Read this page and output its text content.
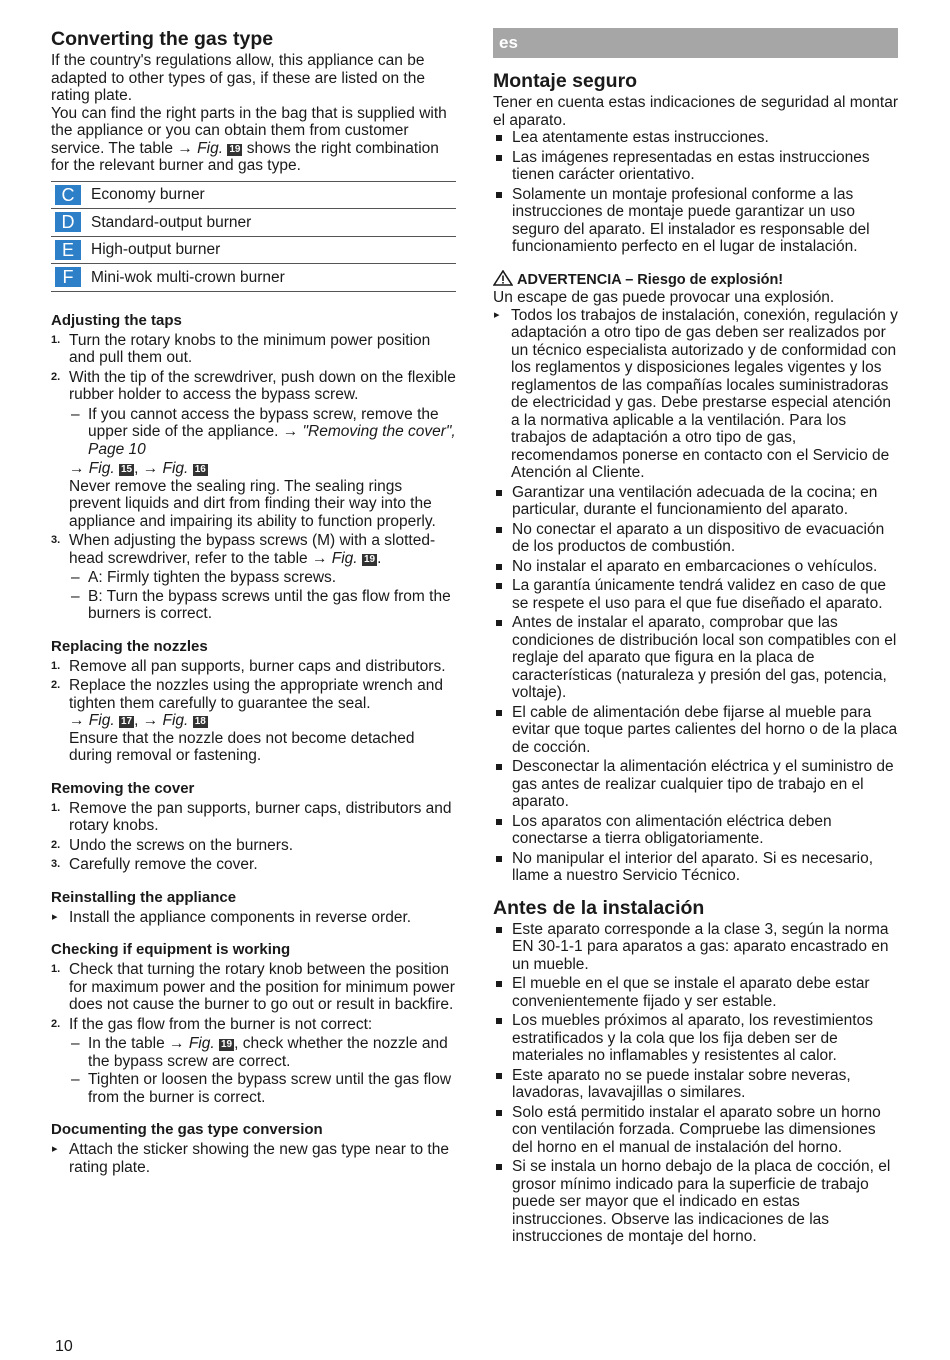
Converting the gas type

If the country's regulations allow, this appliance can be adapted to other types of gas, if these are listed on the rating plate.

You can find the right parts in the bag that is supplied with the appliance or you can obtain them from customer service. The table → Fig. 19 shows the right combination for the relevant burner and gas type.

C	Economy burner
D	Standard-output burner
E	High-output burner
F	Mini-wok multi-crown burner
Adjusting the taps
1. Turn the rotary knobs to the minimum power position and pull them out.
2. With the tip of the screwdriver, push down on the flexible rubber holder to access the bypass screw.
– If you cannot access the bypass screw, remove the upper side of the appliance. → "Removing the cover", Page 10
→ Fig. 15 , → Fig. 16

Never remove the sealing ring. The sealing rings prevent liquids and dirt from finding their way into the appliance and impairing its ability to function properly.

3. When adjusting the bypass screws (M) with a slotted-head screwdriver, refer to the table → Fig. 19 .
– A: Firmly tighten the bypass screws.
– B: Turn the bypass screws until the gas flow from the burners is correct.
Replacing the nozzles
1. Remove all pan supports, burner caps and distributors.
2. Replace the nozzles using the appropriate wrench and tighten them carefully to guarantee the seal.
→ Fig. 17 , → Fig. 18

Ensure that the nozzle does not become detached during removal or fastening.

Removing the cover
1. Remove the pan supports, burner caps, distributors and rotary knobs.
2. Undo the screws on the burners.
3. Carefully remove the cover.
Reinstalling the appliance
▸ Install the appliance components in reverse order.
Checking if equipment is working
1. Check that turning the rotary knob between the position for maximum power and the position for minimum power does not cause the burner to go out or result in backfire.
2. If the gas flow from the burner is not correct:
– In the table → Fig. 19 , check whether the nozzle and the bypass screw are correct.
– Tighten or loosen the bypass screw until the gas flow from the burner is correct.
Documenting the gas type conversion
▸ Attach the sticker showing the new gas type near to the rating plate.
es
Montaje seguro

Tener en cuenta estas indicaciones de seguridad al montar el aparato.

Lea atentamente estas instrucciones.
Las imágenes representadas en estas instrucciones tienen carácter orientativo.
Solamente un montaje profesional conforme a las instrucciones de montaje puede garantizar un uso seguro del aparato. El instalador es responsable del funcionamiento perfecto en el lugar de instalación.
ADVERTENCIA – Riesgo de explosión!

Un escape de gas puede provocar una explosión.

▸ Todos los trabajos de instalación, conexión, regulación y adaptación a otro tipo de gas deben ser realizados por un técnico especialista autorizado y de conformidad con los reglamentos y disposiciones legales vigentes y los reglamentos de las compañías locales suministradoras de electricidad y gas. Debe prestarse especial atención a la normativa aplicable a la ventilación. Para los trabajos de adaptación a otro tipo de gas, recomendamos ponerse en contacto con el Servicio de Atención al Cliente.
Garantizar una ventilación adecuada de la cocina; en particular, durante el funcionamiento del aparato.
No conectar el aparato a un dispositivo de evacuación de los productos de combustión.
No instalar el aparato en embarcaciones o vehículos.
La garantía únicamente tendrá validez en caso de que se respete el uso para el que fue diseñado el aparato.
Antes de instalar el aparato, comprobar que las condiciones de distribución local son compatibles con el reglaje del aparato que figura en la placa de características (naturaleza y presión del gas, potencia, voltaje).
El cable de alimentación debe fijarse al mueble para evitar que toque partes calientes del horno o de la placa de cocción.
Desconectar la alimentación eléctrica y el suministro de gas antes de realizar cualquier tipo de trabajo en el aparato.
Los aparatos con alimentación eléctrica deben conectarse a tierra obligatoriamente.
No manipular el interior del aparato. Si es necesario, llame a nuestro Servicio Técnico.
Antes de la instalación
Este aparato corresponde a la clase 3, según la norma EN 30-1-1 para aparatos a gas: aparato encastrado en un mueble.
El mueble en el que se instale el aparato debe estar convenientemente fijado y ser estable.
Los muebles próximos al aparato, los revestimientos estratificados y la cola que los fija deben ser de materiales no inflamables y resistentes al calor.
Este aparato no se puede instalar sobre neveras, lavadoras, lavavajillas o similares.
Solo está permitido instalar el aparato sobre un horno con ventilación forzada. Compruebe las dimensiones del horno en el manual de instalación del horno.
Si se instala un horno debajo de la placa de cocción, el grosor mínimo indicado para la superficie de trabajo puede ser mayor que el indicado en estas instrucciones. Observe las indicaciones de las instrucciones de montaje del horno.
10
